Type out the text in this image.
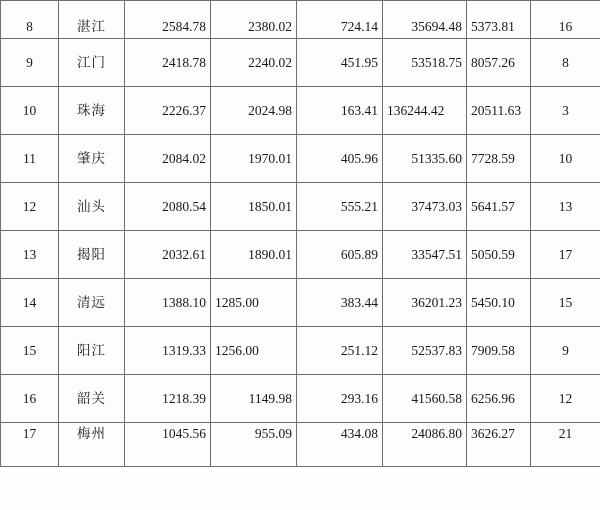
8	湛江	2584.78	2380.02	724.14	35694.48	5373.81	16
9	江门	2418.78	2240.02	451.95	53518.75	8057.26	8
10	珠海	2226.37	2024.98	163.41	136244.42	20511.63	3
11	肇庆	2084.02	1970.01	405.96	51335.60	7728.59	10
12	汕头	2080.54	1850.01	555.21	37473.03	5641.57	13
13	揭阳	2032.61	1890.01	605.89	33547.51	5050.59	17
14	清远	1388.10	1285.00	383.44	36201.23	5450.10	15
15	阳江	1319.33	1256.00	251.12	52537.83	7909.58	9
16	韶关	1218.39	1149.98	293.16	41560.58	6256.96	12
17	梅州	1045.56	955.09	434.08	24086.80	3626.27	21
